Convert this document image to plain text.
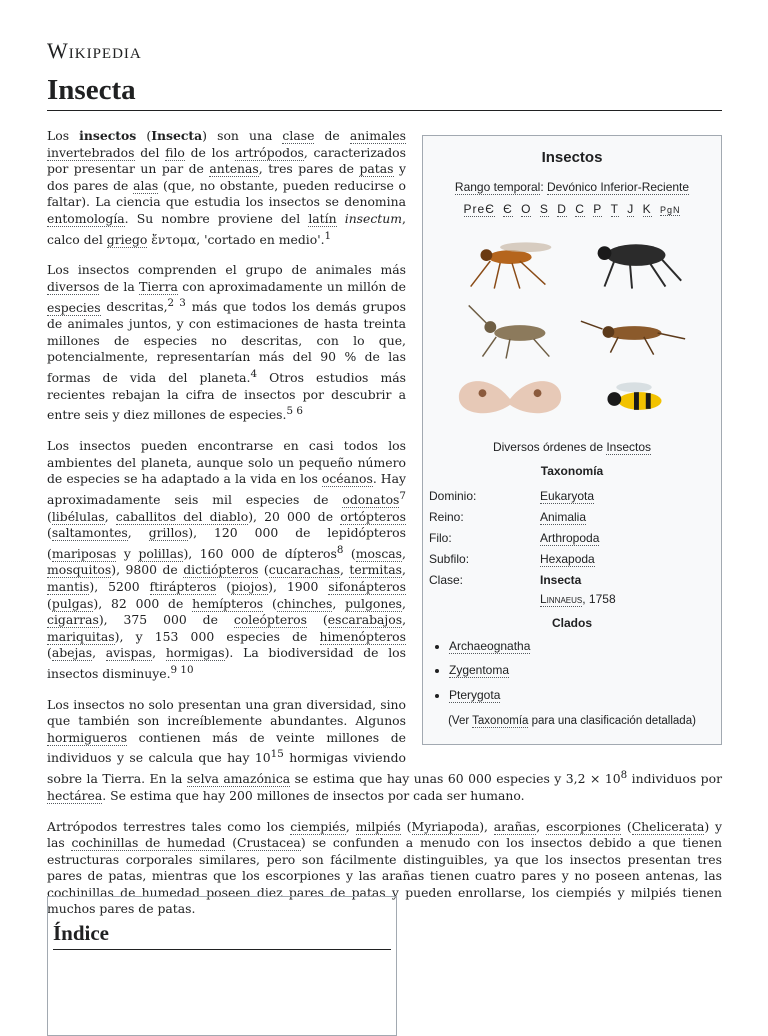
Wikipedia
Insecta
Insectos
Rango temporal: Devónico Inferior-Reciente
PreЄ Є O S D C P T J K PgN
Diversos órdenes de Insectos
Taxonomía
Dominio:	Eukaryota
Reino:	Animalia
Filo:	Arthropoda
Subfilo:	Hexapoda
Clase:	Insecta
Linnaeus, 1758
Clados
• Archaeognatha
• Zygentoma
• Pterygota
(Ver Taxonomía para una clasificación detallada)

Los insectos (Insecta) son una clase de animales invertebrados del filo de los artrópodos, caracterizados por presentar un par de antenas, tres pares de patas y dos pares de alas (que, no obstante, pueden reducirse o faltar). La ciencia que estudia los insectos se denomina entomología. Su nombre proviene del latín insectum, calco del griego ἔντομα, 'cortado en medio'.$^1$

Los insectos comprenden el grupo de animales más diversos de la Tierra con aproximadamente un millón de especies descritas,$^{2 3}$ más que todos los demás grupos de animales juntos, y con estimaciones de hasta treinta millones de especies no descritas, con lo que, potencialmente, representarían más del 90 % de las formas de vida del planeta.$^4$ Otros estudios más recientes rebajan la cifra de insectos por descubrir a entre seis y diez millones de especies.$^{5 6}$

Los insectos pueden encontrarse en casi todos los ambientes del planeta, aunque solo un pequeño número de especies se ha adaptado a la vida en los océanos. Hay aproximadamente seis mil especies de odonatos$^7$ (libélulas, caballitos del diablo), 20 000 de ortópteros (saltamontes, grillos), 120 000 de lepidópteros (mariposas y polillas), 160 000 de dípteros$^8$ (moscas, mosquitos), 9800 de dictiópteros (cucarachas, termitas, mantis), 5200 ftirápteros (piojos), 1900 sifonápteros (pulgas), 82 000 de hemípteros (chinches, pulgones, cigarras), 375 000 de coleópteros (escarabajos, mariquitas), y 153 000 especies de himenópteros (abejas, avispas, hormigas). La biodiversidad de los insectos disminuye.$^{9 10}$

Los insectos no solo presentan una gran diversidad, sino que también son increíblemente abundantes. Algunos hormigueros contienen más de veinte millones de individuos y se calcula que hay $10^{15}$ hormigas viviendo sobre la Tierra. En la selva amazónica se estima que hay unas 60 000 especies y $3,2 \times 10^8$ individuos por hectárea. Se estima que hay 200 millones de insectos por cada ser humano.

Artrópodos terrestres tales como los ciempiés, milpiés (Myriapoda), arañas, escorpiones (Chelicerata) y las cochinillas de humedad (Crustacea) se confunden a menudo con los insectos debido a que tienen estructuras corporales similares, pero son fácilmente distinguibles, ya que los insectos presentan tres pares de patas, mientras que los escorpiones y las arañas tienen cuatro pares y no poseen antenas, las cochinillas de humedad poseen diez pares de patas y pueden enrollarse, los ciempiés y milpiés tienen muchos pares de patas.

Índice
